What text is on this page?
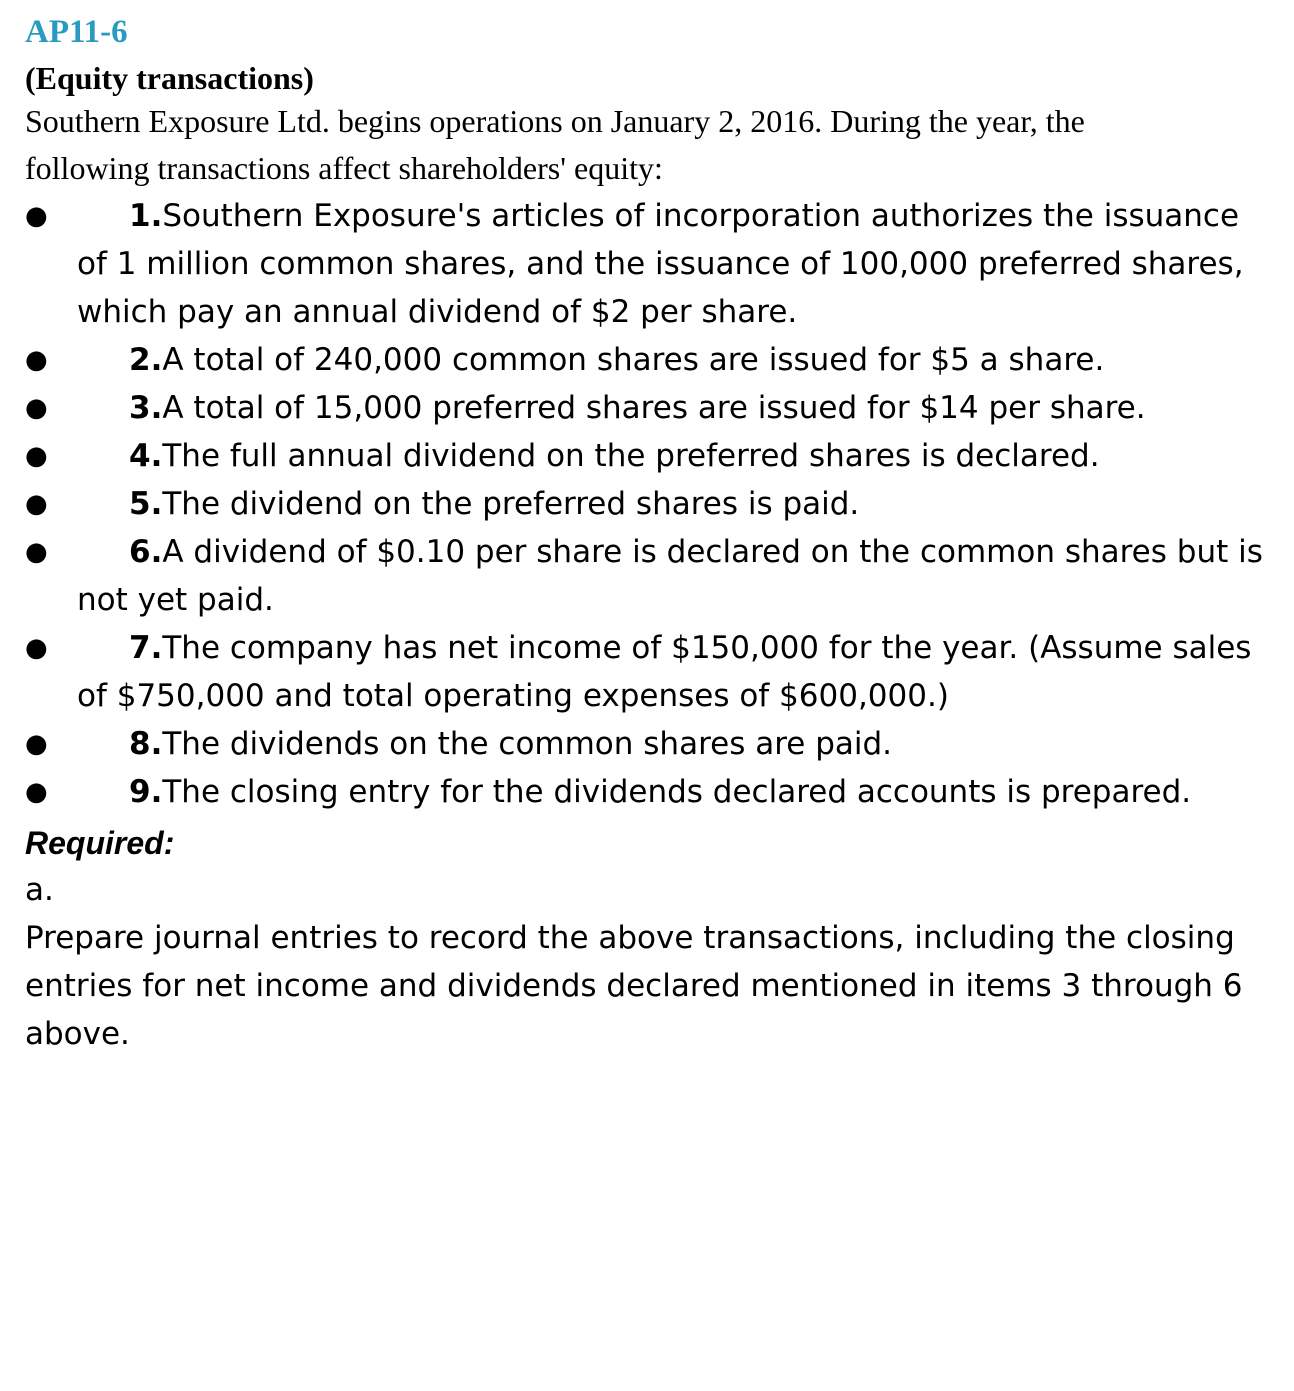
AP11-6
(Equity transactions)

Southern Exposure Ltd. begins operations on January 2, 2016. During the year, the following transactions affect shareholders' equity:

●	1.Southern Exposure's articles of incorporation authorizes the issuance of 1 million common shares, and the issuance of 100,000 preferred shares, which pay an annual dividend of $2 per share.
●	2.A total of 240,000 common shares are issued for $5 a share.
●	3.A total of 15,000 preferred shares are issued for $14 per share.
●	4.The full annual dividend on the preferred shares is declared.
●	5.The dividend on the preferred shares is paid.
●	6.A dividend of $0.10 per share is declared on the common shares but is not yet paid.
●	7.The company has net income of $150,000 for the year. (Assume sales of $750,000 and total operating expenses of $600,000.)
●	8.The dividends on the common shares are paid.
●	9.The closing entry for the dividends declared accounts is prepared.

Required:

a.

Prepare journal entries to record the above transactions, including the closing entries for net income and dividends declared mentioned in items 3 through 6 above.
